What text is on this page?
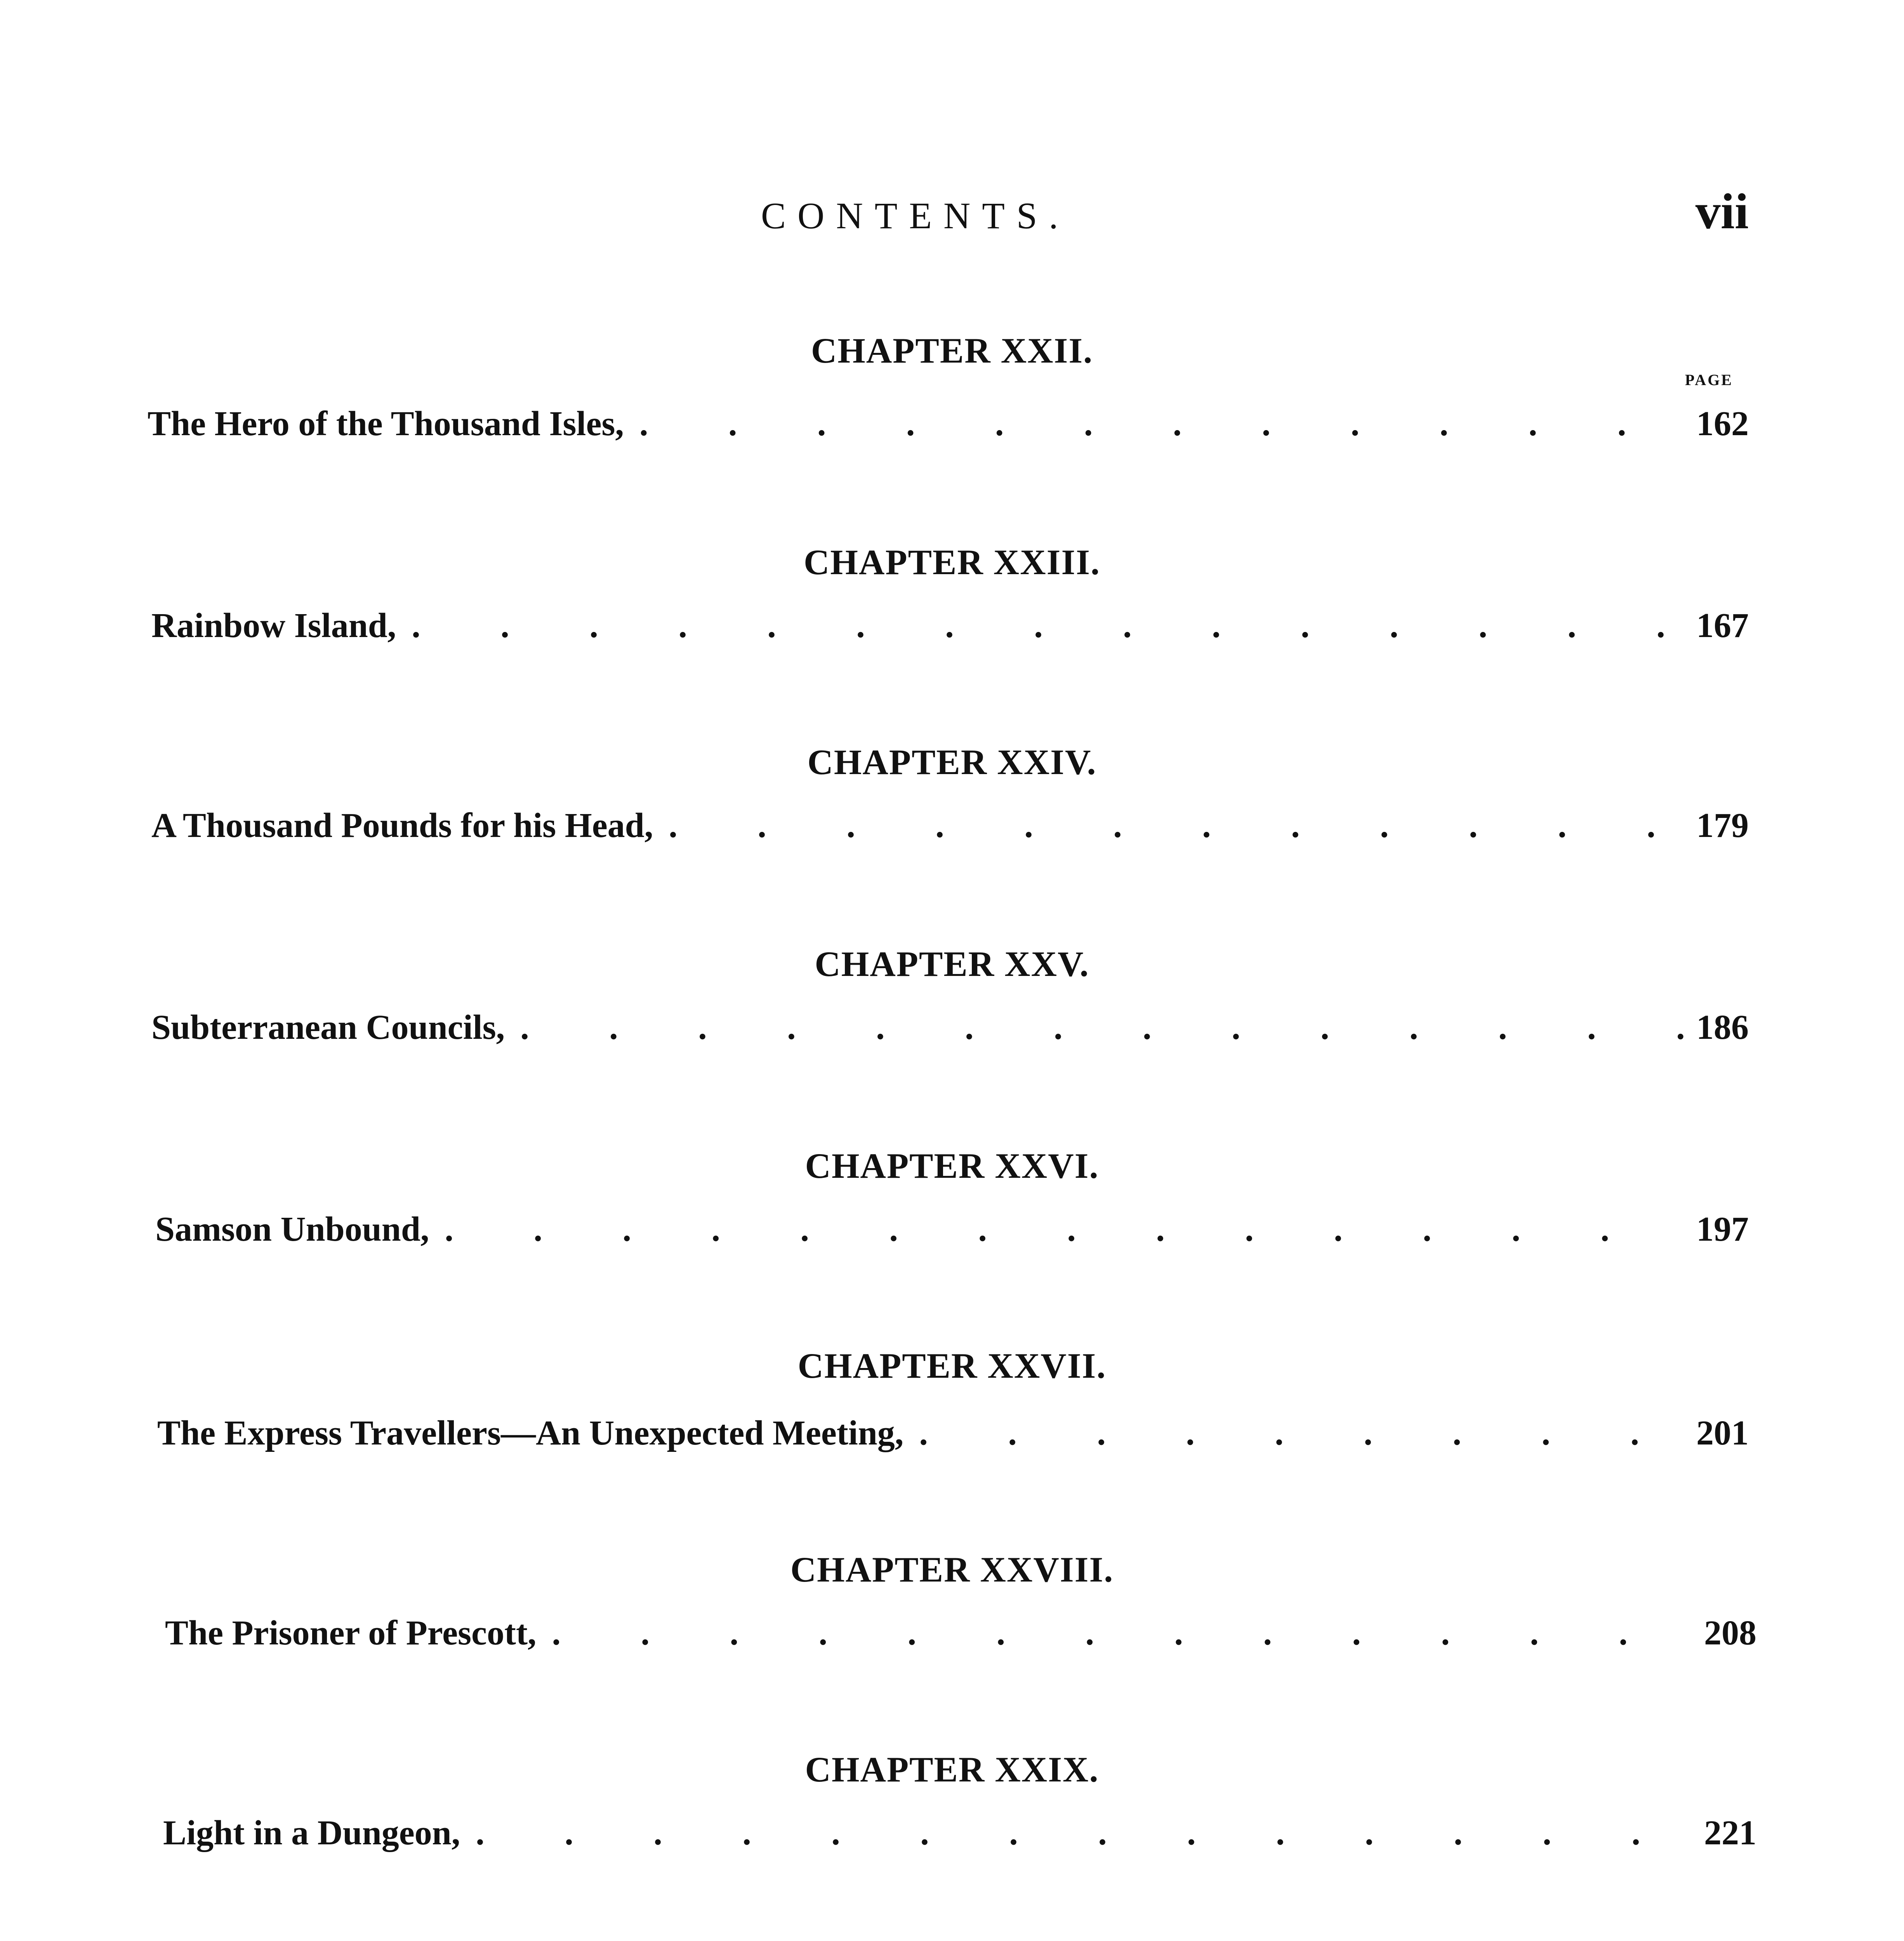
CONTENTS.	vii
PAGE
CHAPTER XXII.
The Hero of the Thousand Isles, . . .	162
CHAPTER XXIII.
Rainbow Island, . . .	167
CHAPTER XXIV.
A Thousand Pounds for his Head, . . .	179
CHAPTER XXV.
Subterranean Councils, . . .	186
CHAPTER XXVI.
Samson Unbound, . . .	197
CHAPTER XXVII.
The Express Travellers—An Unexpected Meeting, . . .	201
CHAPTER XXVIII.
The Prisoner of Prescott, . . .	208
CHAPTER XXIX.
Light in a Dungeon, . . .	221
